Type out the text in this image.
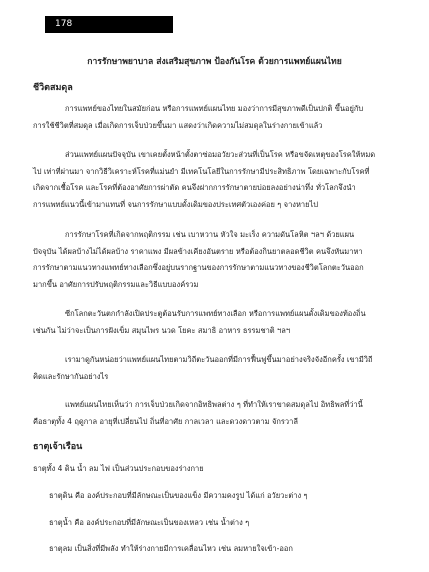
178
การรักษาพยาบาล ส่งเสริมสุขภาพ ป้องกันโรค ด้วยการแพทย์แผนไทย
ชีวิตสมดุล
การแพทย์ของไทยในสมัยก่อน หรือการแพทย์แผนไทย มองว่าการมีสุขภาพดีเป็นปกติ ขึ้นอยู่กับ
การใช้ชีวิตที่สมดุล เมื่อเกิดการเจ็บป่วยขึ้นมา แสดงว่าเกิดความไม่สมดุลในร่างกายเข้าแล้ว
ส่วนแพทย์แผนปัจจุบัน เขาเคยตั้งหน้าตั้งตาซ่อมอวัยวะส่วนที่เป็นโรค หรือขจัดเหตุของโรคให้หมด
ไป เท่าที่ผ่านมา จากวิธีวิเคราะห์โรคที่แม่นยำ มีเทคโนโลยีในการรักษามีประสิทธิภาพ โดยเฉพาะกับโรคที่
เกิดจากเชื้อโรค และโรคที่ต้องอาศัยการผ่าตัด คนจึงฝากการรักษาตายบ่อยลงอย่างน่าทึ่ง ทั่วโลกจึงนำ
การแพทย์แนวนี้เข้ามาแทนที่ จนการรักษาแบบดั้งเดิมของประเทศตัวเองค่อย ๆ จางหายไป
การรักษาโรคที่เกิดจากพฤติกรรม เช่น เบาหวาน หัวใจ มะเร็ง ความดันโลหิต ฯลฯ ด้วยแผน
ปัจจุบัน ได้ผลบ้างไม่ได้ผลบ้าง ราคาแพง มีผลข้างเคียงอันตราย หรือต้องกินยาตลอดชีวิต คนจึงหันมาหา
การรักษาตามแนวทางแพทย์ทางเลือกซึ่งอยู่บนรากฐานของการรักษาตามแนวทางของชีวิตโลกตะวันออก
มากขึ้น อาศัยการปรับพฤติกรรมและวิธีแบบองค์รวม
ซีกโลกตะวันตกกำลังเปิดประตูต้อนรับการแพทย์ทางเลือก หรือการแพทย์แผนดั้งเดิมของท้องถิ่น
เช่นกัน ไม่ว่าจะเป็นการฝังเข็ม สมุนไพร นวด โยคะ สมาธิ อาหาร ธรรมชาติ ฯลฯ
เรามาดูกันหน่อยว่าแพทย์แผนไทยตามวิถีตะวันออกที่มีการฟื้นฟูขึ้นมาอย่างจริงจังอีกครั้ง เขามีวิถี
คิดและรักษากันอย่างไร
แพทย์แผนไทยเห็นว่า การเจ็บป่วยเกิดจากอิทธิพลต่าง ๆ ที่ทำให้เราขาดสมดุลไป อิทธิพลที่ว่านี้
คือธาตุทั้ง 4 ฤดูกาล อายุที่เปลี่ยนไป ถิ่นที่อาศัย กาลเวลา และดวงดาวตาม จักรวาลี
ธาตุเจ้าเรือน
ธาตุทั้ง 4 ดิน น้ำ ลม ไฟ เป็นส่วนประกอบของร่างกาย
ธาตุดิน คือ องค์ประกอบที่มีลักษณะเป็นของแข็ง มีความคงรูป ได้แก่ อวัยวะต่าง ๆ
ธาตุน้ำ คือ องค์ประกอบที่มีลักษณะเป็นของเหลว เช่น น้ำต่าง ๆ
ธาตุลม เป็นสิ่งที่มีพลัง ทำให้ร่างกายมีการเคลื่อนไหว เช่น ลมหายใจเข้า-ออก
